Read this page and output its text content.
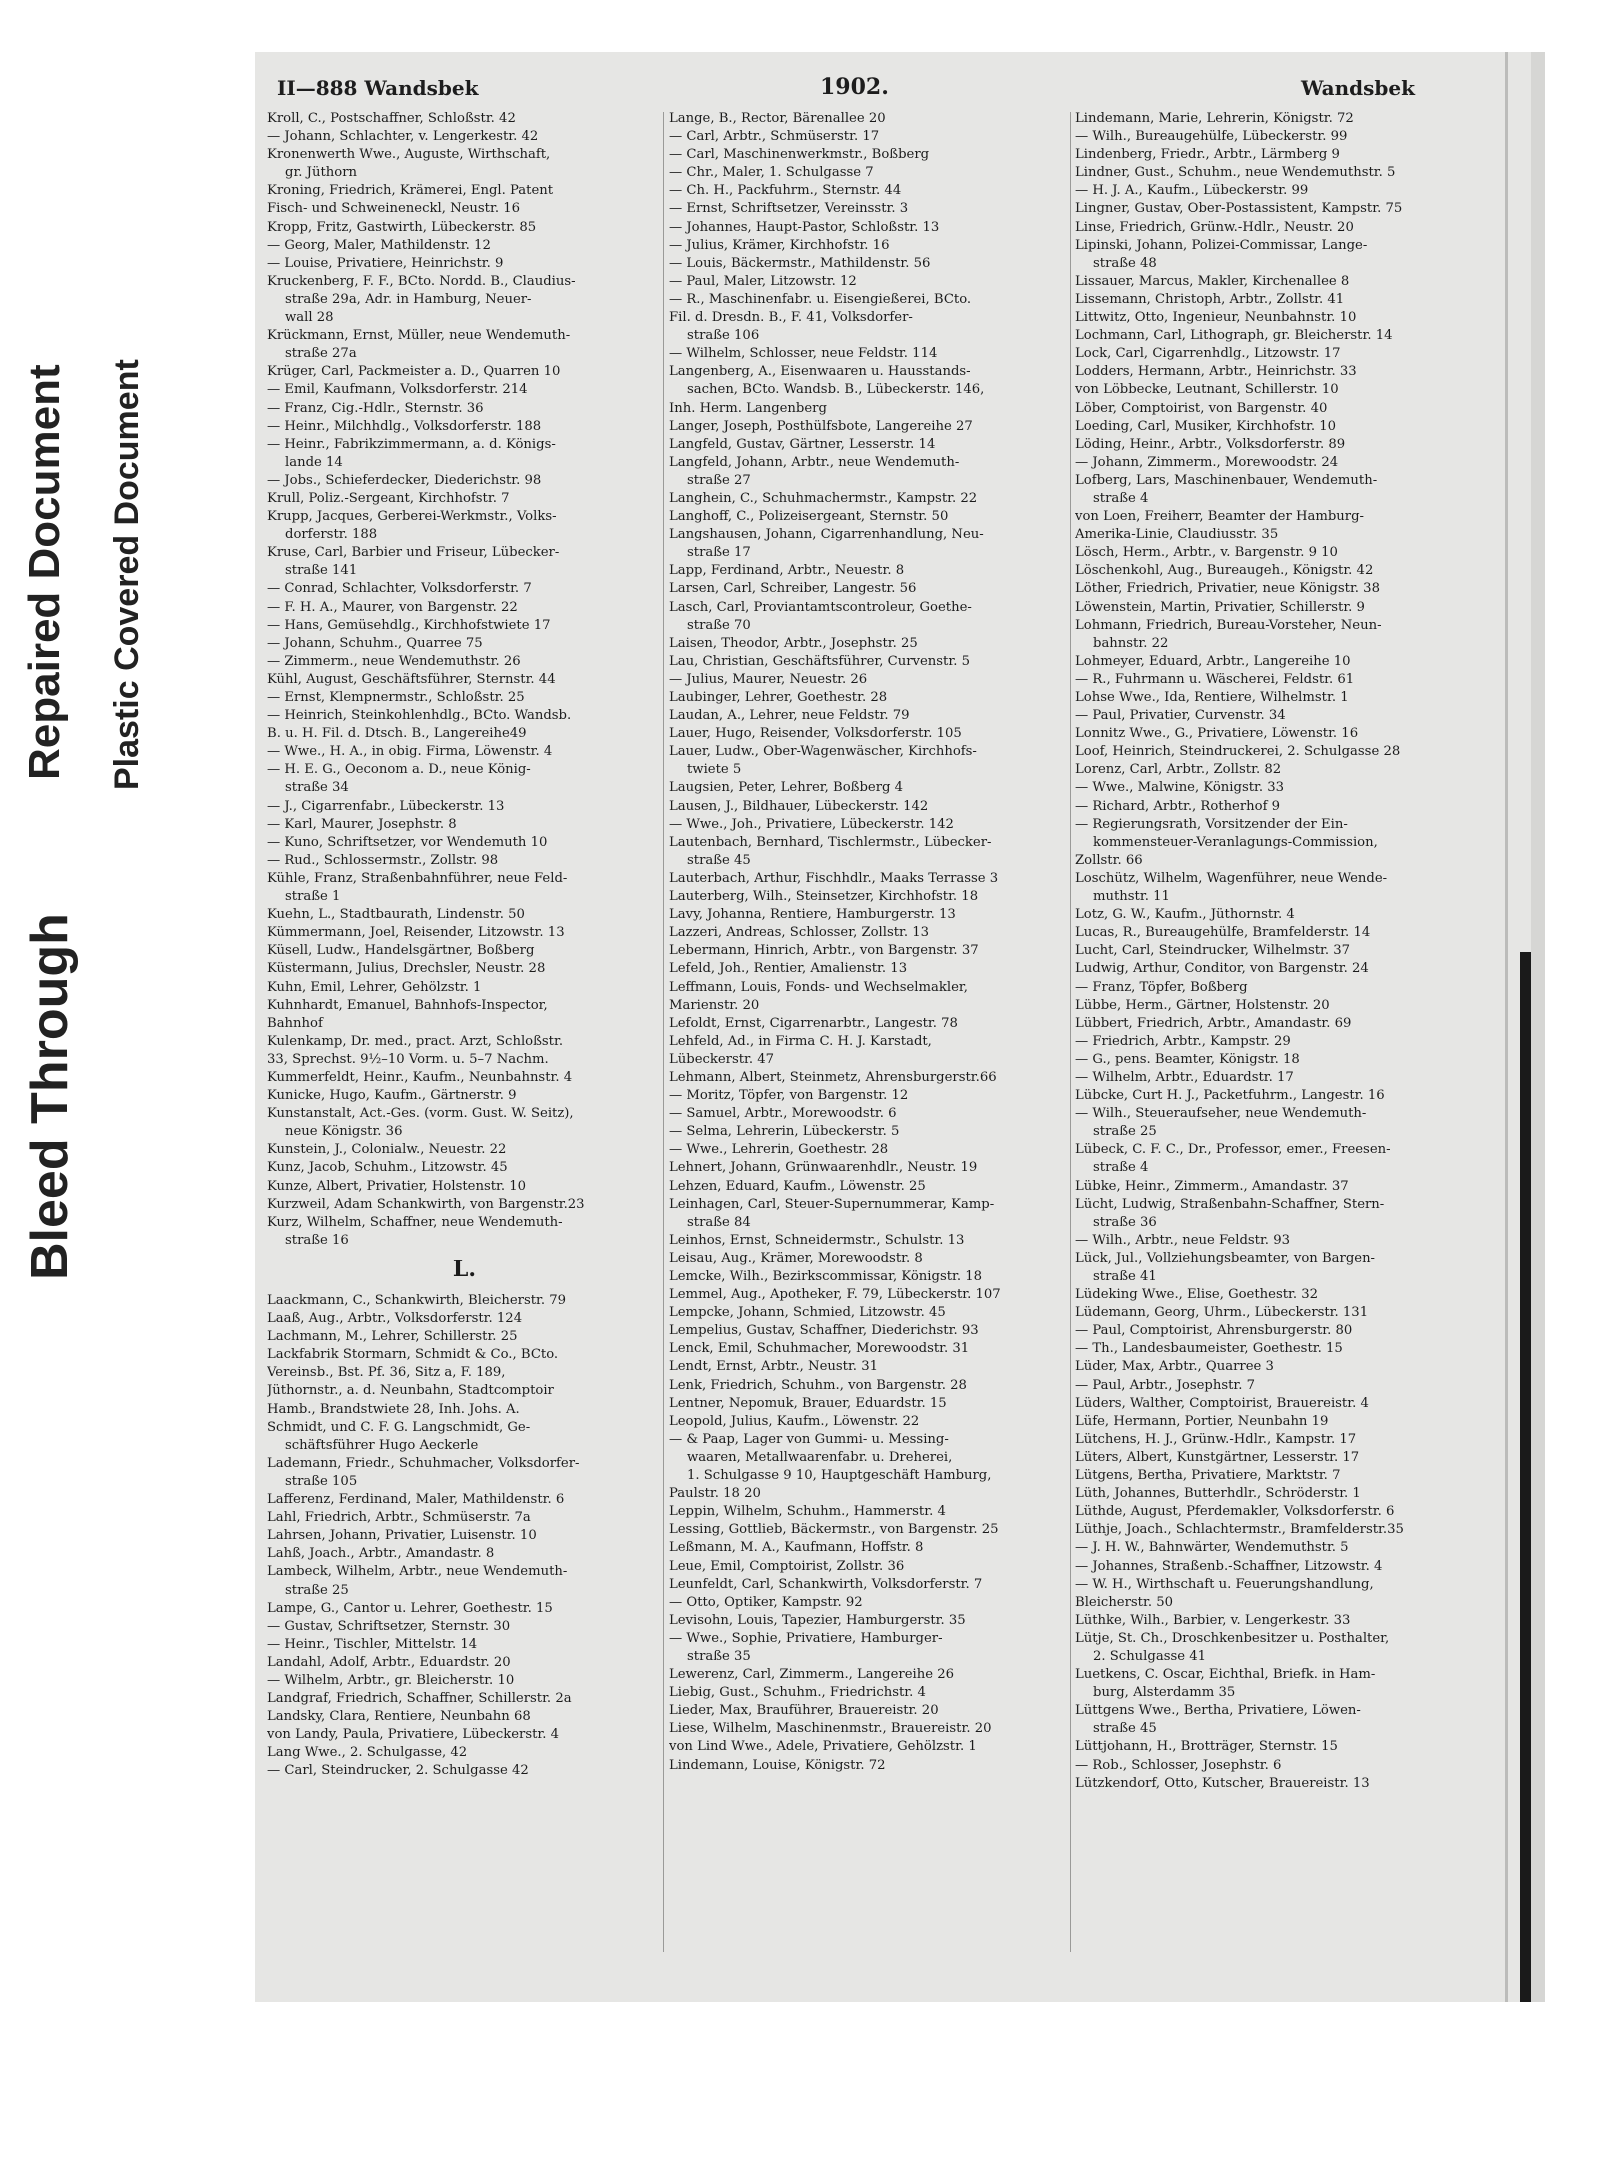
Bleed Through
Repaired Document Plastic Covered Document
II—888 Wandsbek	1902.	Wandsbek
Kroll, C., Postschaffner, Schloßstr. 42
— Johann, Schlachter, v. Lengerkestr. 42
Kronenwerth Wwe., Auguste, Wirthschaft,
gr. Jüthorn
Kroning, Friedrich, Krämerei, Engl. Patent
Fisch- und Schweineneckl, Neustr. 16
Kropp, Fritz, Gastwirth, Lübeckerstr. 85
— Georg, Maler, Mathildenstr. 12
— Louise, Privatiere, Heinrichstr. 9
Kruckenberg, F. F., BCto. Nordd. B., Claudius-
straße 29a, Adr. in Hamburg, Neuer-
wall 28
Krückmann, Ernst, Müller, neue Wendemuth-
straße 27a
Krüger, Carl, Packmeister a. D., Quarren 10
— Emil, Kaufmann, Volksdorferstr. 214
— Franz, Cig.-Hdlr., Sternstr. 36
— Heinr., Milchhdlg., Volksdorferstr. 188
— Heinr., Fabrikzimmermann, a. d. Königs-
lande 14
— Jobs., Schieferdecker, Diederichstr. 98
Krull, Poliz.-Sergeant, Kirchhofstr. 7
Krupp, Jacques, Gerberei-Werkmstr., Volks-
dorferstr. 188
Kruse, Carl, Barbier und Friseur, Lübecker-
straße 141
— Conrad, Schlachter, Volksdorferstr. 7
— F. H. A., Maurer, von Bargenstr. 22
— Hans, Gemüsehdlg., Kirchhofstwiete 17
— Johann, Schuhm., Quarree 75
— Zimmerm., neue Wendemuthstr. 26
Kühl, August, Geschäftsführer, Sternstr. 44
— Ernst, Klempnermstr., Schloßstr. 25
— Heinrich, Steinkohlenhdlg., BCto. Wandsb.
B. u. H. Fil. d. Dtsch. B., Langereihe49
— Wwe., H. A., in obig. Firma, Löwenstr. 4
— H. E. G., Oeconom a. D., neue König-
straße 34
— J., Cigarrenfabr., Lübeckerstr. 13
— Karl, Maurer, Josephstr. 8
— Kuno, Schriftsetzer, vor Wendemuth 10
— Rud., Schlossermstr., Zollstr. 98
Kühle, Franz, Straßenbahnführer, neue Feld-
straße 1
Kuehn, L., Stadtbaurath, Lindenstr. 50
Kümmermann, Joel, Reisender, Litzowstr. 13
Küsell, Ludw., Handelsgärtner, Boßberg
Küstermann, Julius, Drechsler, Neustr. 28
Kuhn, Emil, Lehrer, Gehölzstr. 1
Kuhnhardt, Emanuel, Bahnhofs-Inspector,
Bahnhof
Kulenkamp, Dr. med., pract. Arzt, Schloßstr.
33, Sprechst. 9½–10 Vorm. u. 5–7 Nachm.
Kummerfeldt, Heinr., Kaufm., Neunbahnstr. 4
Kunicke, Hugo, Kaufm., Gärtnerstr. 9
Kunstanstalt, Act.-Ges. (vorm. Gust. W. Seitz),
neue Königstr. 36
Kunstein, J., Colonialw., Neuestr. 22
Kunz, Jacob, Schuhm., Litzowstr. 45
Kunze, Albert, Privatier, Holstenstr. 10
Kurzweil, Adam Schankwirth, von Bargenstr.23
Kurz, Wilhelm, Schaffner, neue Wendemuth-
straße 16
L.
Laackmann, C., Schankwirth, Bleicherstr. 79
Laaß, Aug., Arbtr., Volksdorferstr. 124
Lachmann, M., Lehrer, Schillerstr. 25
Lackfabrik Stormarn, Schmidt & Co., BCto.
Vereinsb., Bst. Pf. 36, Sitz a, F. 189,
Jüthornstr., a. d. Neunbahn, Stadtcomptoir
Hamb., Brandstwiete 28, Inh. Johs. A.
Schmidt, und C. F. G. Langschmidt, Ge-
schäftsführer Hugo Aeckerle
Lademann, Friedr., Schuhmacher, Volksdorfer-
straße 105
Lafferenz, Ferdinand, Maler, Mathildenstr. 6
Lahl, Friedrich, Arbtr., Schmüserstr. 7a
Lahrsen, Johann, Privatier, Luisenstr. 10
Lahß, Joach., Arbtr., Amandastr. 8
Lambeck, Wilhelm, Arbtr., neue Wendemuth-
straße 25
Lampe, G., Cantor u. Lehrer, Goethestr. 15
— Gustav, Schriftsetzer, Sternstr. 30
— Heinr., Tischler, Mittelstr. 14
Landahl, Adolf, Arbtr., Eduardstr. 20
— Wilhelm, Arbtr., gr. Bleicherstr. 10
Landgraf, Friedrich, Schaffner, Schillerstr. 2a
Landsky, Clara, Rentiere, Neunbahn 68
von Landy, Paula, Privatiere, Lübeckerstr. 4
Lang Wwe., 2. Schulgasse, 42
— Carl, Steindrucker, 2. Schulgasse 42
Lange, B., Rector, Bärenallee 20
— Carl, Arbtr., Schmüserstr. 17
— Carl, Maschinenwerkmstr., Boßberg
— Chr., Maler, 1. Schulgasse 7
— Ch. H., Packfuhrm., Sternstr. 44
— Ernst, Schriftsetzer, Vereinsstr. 3
— Johannes, Haupt-Pastor, Schloßstr. 13
— Julius, Krämer, Kirchhofstr. 16
— Louis, Bäckermstr., Mathildenstr. 56
— Paul, Maler, Litzowstr. 12
— R., Maschinenfabr. u. Eisengießerei, BCto.
Fil. d. Dresdn. B., F. 41, Volksdorfer-
straße 106
— Wilhelm, Schlosser, neue Feldstr. 114
Langenberg, A., Eisenwaaren u. Hausstands-
sachen, BCto. Wandsb. B., Lübeckerstr. 146,
Inh. Herm. Langenberg
Langer, Joseph, Posthülfsbote, Langereihe 27
Langfeld, Gustav, Gärtner, Lesserstr. 14
Langfeld, Johann, Arbtr., neue Wendemuth-
straße 27
Langhein, C., Schuhmachermstr., Kampstr. 22
Langhoff, C., Polizeisergeant, Sternstr. 50
Langshausen, Johann, Cigarrenhandlung, Neu-
straße 17
Lapp, Ferdinand, Arbtr., Neuestr. 8
Larsen, Carl, Schreiber, Langestr. 56
Lasch, Carl, Proviantamtscontroleur, Goethe-
straße 70
Laisen, Theodor, Arbtr., Josephstr. 25
Lau, Christian, Geschäftsführer, Curvenstr. 5
— Julius, Maurer, Neuestr. 26
Laubinger, Lehrer, Goethestr. 28
Laudan, A., Lehrer, neue Feldstr. 79
Lauer, Hugo, Reisender, Volksdorferstr. 105
Lauer, Ludw., Ober-Wagenwäscher, Kirchhofs-
twiete 5
Laugsien, Peter, Lehrer, Boßberg 4
Lausen, J., Bildhauer, Lübeckerstr. 142
— Wwe., Joh., Privatiere, Lübeckerstr. 142
Lautenbach, Bernhard, Tischlermstr., Lübecker-
straße 45
Lauterbach, Arthur, Fischhdlr., Maaks Terrasse 3
Lauterberg, Wilh., Steinsetzer, Kirchhofstr. 18
Lavy, Johanna, Rentiere, Hamburgerstr. 13
Lazzeri, Andreas, Schlosser, Zollstr. 13
Lebermann, Hinrich, Arbtr., von Bargenstr. 37
Lefeld, Joh., Rentier, Amalienstr. 13
Leffmann, Louis, Fonds- und Wechselmakler,
Marienstr. 20
Lefoldt, Ernst, Cigarrenarbtr., Langestr. 78
Lehfeld, Ad., in Firma C. H. J. Karstadt,
Lübeckerstr. 47
Lehmann, Albert, Steinmetz, Ahrensburgerstr.66
— Moritz, Töpfer, von Bargenstr. 12
— Samuel, Arbtr., Morewoodstr. 6
— Selma, Lehrerin, Lübeckerstr. 5
— Wwe., Lehrerin, Goethestr. 28
Lehnert, Johann, Grünwaarenhdlr., Neustr. 19
Lehzen, Eduard, Kaufm., Löwenstr. 25
Leinhagen, Carl, Steuer-Supernummerar, Kamp-
straße 84
Leinhos, Ernst, Schneidermstr., Schulstr. 13
Leisau, Aug., Krämer, Morewoodstr. 8
Lemcke, Wilh., Bezirkscommissar, Königstr. 18
Lemmel, Aug., Apotheker, F. 79, Lübeckerstr. 107
Lempcke, Johann, Schmied, Litzowstr. 45
Lempelius, Gustav, Schaffner, Diederichstr. 93
Lenck, Emil, Schuhmacher, Morewoodstr. 31
Lendt, Ernst, Arbtr., Neustr. 31
Lenk, Friedrich, Schuhm., von Bargenstr. 28
Lentner, Nepomuk, Brauer, Eduardstr. 15
Leopold, Julius, Kaufm., Löwenstr. 22
— & Paap, Lager von Gummi- u. Messing-
waaren, Metallwaarenfabr. u. Dreherei,
1. Schulgasse 9 10, Hauptgeschäft Hamburg,
Paulstr. 18 20
Leppin, Wilhelm, Schuhm., Hammerstr. 4
Lessing, Gottlieb, Bäckermstr., von Bargenstr. 25
Leßmann, M. A., Kaufmann, Hoffstr. 8
Leue, Emil, Comptoirist, Zollstr. 36
Leunfeldt, Carl, Schankwirth, Volksdorferstr. 7
— Otto, Optiker, Kampstr. 92
Levisohn, Louis, Tapezier, Hamburgerstr. 35
— Wwe., Sophie, Privatiere, Hamburger-
straße 35
Lewerenz, Carl, Zimmerm., Langereihe 26
Liebig, Gust., Schuhm., Friedrichstr. 4
Lieder, Max, Brauführer, Brauereistr. 20
Liese, Wilhelm, Maschinenmstr., Brauereistr. 20
von Lind Wwe., Adele, Privatiere, Gehölzstr. 1
Lindemann, Louise, Königstr. 72
Lindemann, Marie, Lehrerin, Königstr. 72
— Wilh., Bureaugehülfe, Lübeckerstr. 99
Lindenberg, Friedr., Arbtr., Lärmberg 9
Lindner, Gust., Schuhm., neue Wendemuthstr. 5
— H. J. A., Kaufm., Lübeckerstr. 99
Lingner, Gustav, Ober-Postassistent, Kampstr. 75
Linse, Friedrich, Grünw.-Hdlr., Neustr. 20
Lipinski, Johann, Polizei-Commissar, Lange-
straße 48
Lissauer, Marcus, Makler, Kirchenallee 8
Lissemann, Christoph, Arbtr., Zollstr. 41
Littwitz, Otto, Ingenieur, Neunbahnstr. 10
Lochmann, Carl, Lithograph, gr. Bleicherstr. 14
Lock, Carl, Cigarrenhdlg., Litzowstr. 17
Lodders, Hermann, Arbtr., Heinrichstr. 33
von Löbbecke, Leutnant, Schillerstr. 10
Löber, Comptoirist, von Bargenstr. 40
Loeding, Carl, Musiker, Kirchhofstr. 10
Löding, Heinr., Arbtr., Volksdorferstr. 89
— Johann, Zimmerm., Morewoodstr. 24
Lofberg, Lars, Maschinenbauer, Wendemuth-
straße 4
von Loen, Freiherr, Beamter der Hamburg-
Amerika-Linie, Claudiusstr. 35
Lösch, Herm., Arbtr., v. Bargenstr. 9 10
Löschenkohl, Aug., Bureaugeh., Königstr. 42
Löther, Friedrich, Privatier, neue Königstr. 38
Löwenstein, Martin, Privatier, Schillerstr. 9
Lohmann, Friedrich, Bureau-Vorsteher, Neun-
bahnstr. 22
Lohmeyer, Eduard, Arbtr., Langereihe 10
— R., Fuhrmann u. Wäscherei, Feldstr. 61
Lohse Wwe., Ida, Rentiere, Wilhelmstr. 1
— Paul, Privatier, Curvenstr. 34
Lonnitz Wwe., G., Privatiere, Löwenstr. 16
Loof, Heinrich, Steindruckerei, 2. Schulgasse 28
Lorenz, Carl, Arbtr., Zollstr. 82
— Wwe., Malwine, Königstr. 33
— Richard, Arbtr., Rotherhof 9
— Regierungsrath, Vorsitzender der Ein-
kommensteuer-Veranlagungs-Commission,
Zollstr. 66
Loschütz, Wilhelm, Wagenführer, neue Wende-
muthstr. 11
Lotz, G. W., Kaufm., Jüthornstr. 4
Lucas, R., Bureaugehülfe, Bramfelderstr. 14
Lucht, Carl, Steindrucker, Wilhelmstr. 37
Ludwig, Arthur, Conditor, von Bargenstr. 24
— Franz, Töpfer, Boßberg
Lübbe, Herm., Gärtner, Holstenstr. 20
Lübbert, Friedrich, Arbtr., Amandastr. 69
— Friedrich, Arbtr., Kampstr. 29
— G., pens. Beamter, Königstr. 18
— Wilhelm, Arbtr., Eduardstr. 17
Lübcke, Curt H. J., Packetfuhrm., Langestr. 16
— Wilh., Steueraufseher, neue Wendemuth-
straße 25
Lübeck, C. F. C., Dr., Professor, emer., Freesen-
straße 4
Lübke, Heinr., Zimmerm., Amandastr. 37
Lücht, Ludwig, Straßenbahn-Schaffner, Stern-
straße 36
— Wilh., Arbtr., neue Feldstr. 93
Lück, Jul., Vollziehungsbeamter, von Bargen-
straße 41
Lüdeking Wwe., Elise, Goethestr. 32
Lüdemann, Georg, Uhrm., Lübeckerstr. 131
— Paul, Comptoirist, Ahrensburgerstr. 80
— Th., Landesbaumeister, Goethestr. 15
Lüder, Max, Arbtr., Quarree 3
— Paul, Arbtr., Josephstr. 7
Lüders, Walther, Comptoirist, Brauereistr. 4
Lüfe, Hermann, Portier, Neunbahn 19
Lütchens, H. J., Grünw.-Hdlr., Kampstr. 17
Lüters, Albert, Kunstgärtner, Lesserstr. 17
Lütgens, Bertha, Privatiere, Marktstr. 7
Lüth, Johannes, Butterhdlr., Schröderstr. 1
Lüthde, August, Pferdemakler, Volksdorferstr. 6
Lüthje, Joach., Schlachtermstr., Bramfelderstr.35
— J. H. W., Bahnwärter, Wendemuthstr. 5
— Johannes, Straßenb.-Schaffner, Litzowstr. 4
— W. H., Wirthschaft u. Feuerungshandlung,
Bleicherstr. 50
Lüthke, Wilh., Barbier, v. Lengerkestr. 33
Lütje, St. Ch., Droschkenbesitzer u. Posthalter,
2. Schulgasse 41
Luetkens, C. Oscar, Eichthal, Briefk. in Ham-
burg, Alsterdamm 35
Lüttgens Wwe., Bertha, Privatiere, Löwen-
straße 45
Lüttjohann, H., Brotträger, Sternstr. 15
— Rob., Schlosser, Josephstr. 6
Lützkendorf, Otto, Kutscher, Brauereistr. 13
